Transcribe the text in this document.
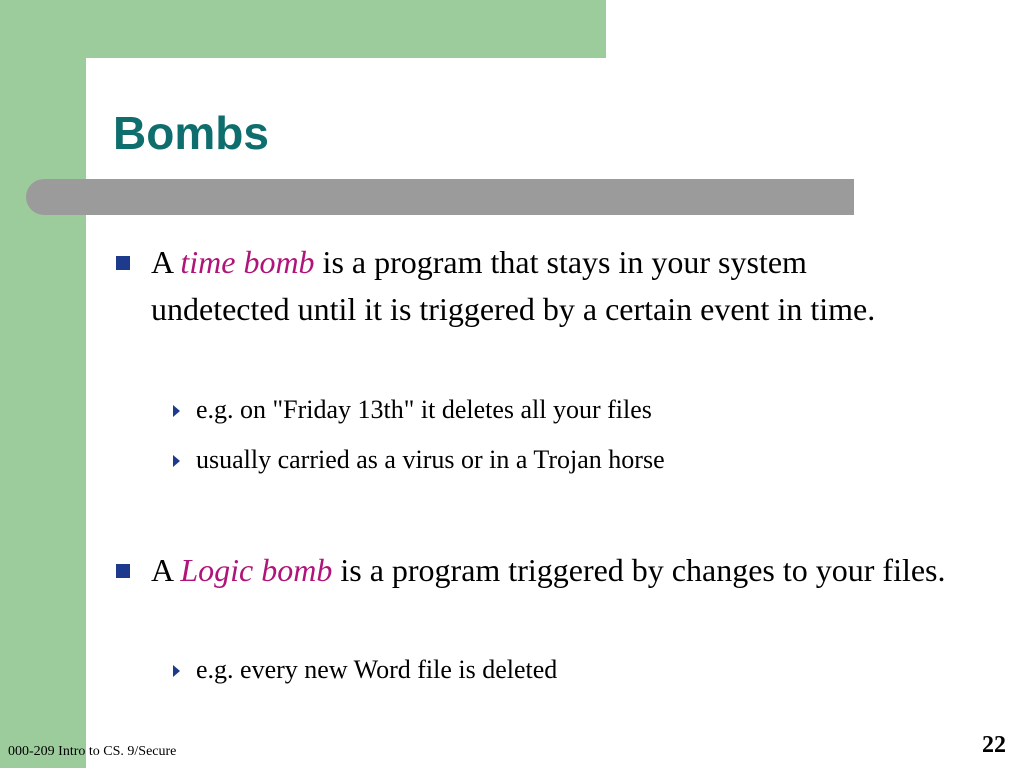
Bombs
A time bomb is a program that stays in your system undetected until it is triggered by a certain event in time.
e.g. on "Friday 13th" it deletes all your files
usually carried as a virus or in a Trojan horse
A Logic bomb is a program triggered by changes to your files.
e.g. every new Word file is deleted
000-209 Intro to CS. 9/Secure	22
